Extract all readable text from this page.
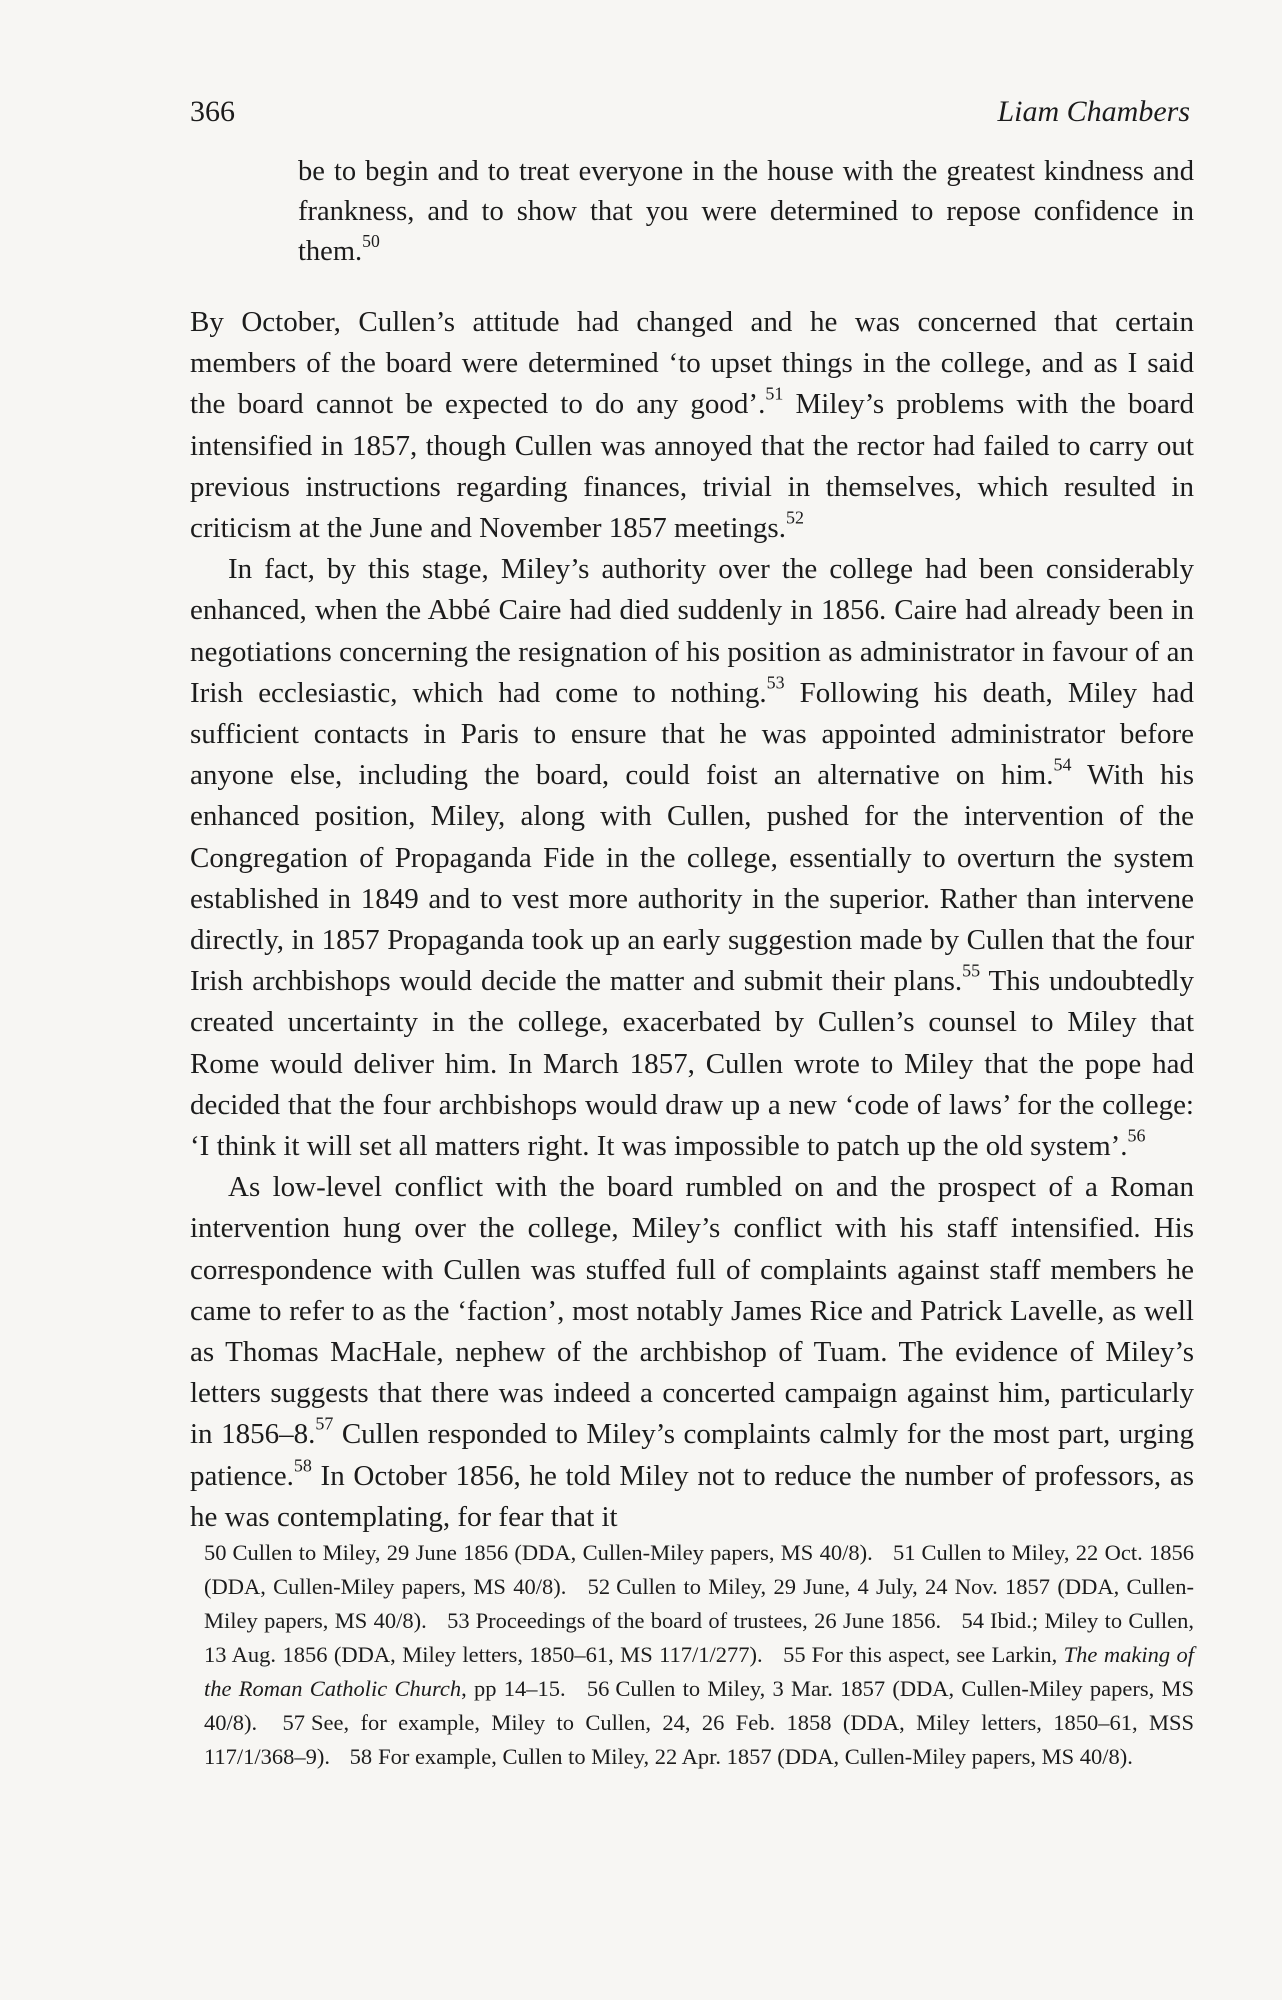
366	Liam Chambers
be to begin and to treat everyone in the house with the greatest kindness and frankness, and to show that you were determined to repose confidence in them.$^{50}$

By October, Cullen’s attitude had changed and he was concerned that certain members of the board were determined ‘to upset things in the college, and as I said the board cannot be expected to do any good’.$^{51}$ Miley’s problems with the board intensified in 1857, though Cullen was annoyed that the rector had failed to carry out previous instructions regarding finances, trivial in themselves, which resulted in criticism at the June and November 1857 meetings.$^{52}$

In fact, by this stage, Miley’s authority over the college had been considerably enhanced, when the Abbé Caire had died suddenly in 1856. Caire had already been in negotiations concerning the resignation of his position as administrator in favour of an Irish ecclesiastic, which had come to nothing.$^{53}$ Following his death, Miley had sufficient contacts in Paris to ensure that he was appointed administrator before anyone else, including the board, could foist an alternative on him.$^{54}$ With his enhanced position, Miley, along with Cullen, pushed for the intervention of the Congregation of Propaganda Fide in the college, essentially to overturn the system established in 1849 and to vest more authority in the superior. Rather than intervene directly, in 1857 Propaganda took up an early suggestion made by Cullen that the four Irish archbishops would decide the matter and submit their plans.$^{55}$ This undoubtedly created uncertainty in the college, exacerbated by Cullen’s counsel to Miley that Rome would deliver him. In March 1857, Cullen wrote to Miley that the pope had decided that the four archbishops would draw up a new ‘code of laws’ for the college: ‘I think it will set all matters right. It was impossible to patch up the old system’.$^{56}$

As low-level conflict with the board rumbled on and the prospect of a Roman intervention hung over the college, Miley’s conflict with his staff intensified. His correspondence with Cullen was stuffed full of complaints against staff members he came to refer to as the ‘faction’, most notably James Rice and Patrick Lavelle, as well as Thomas MacHale, nephew of the archbishop of Tuam. The evidence of Miley’s letters suggests that there was indeed a concerted campaign against him, particularly in 1856–8.57 Cullen responded to Miley’s complaints calmly for the most part, urging patience.$^{58}$ In October 1856, he told Miley not to reduce the number of professors, as he was contemplating, for fear that it

50 Cullen to Miley, 29 June 1856 (DDA, Cullen-Miley papers, MS 40/8). 51 Cullen to Miley, 22 Oct. 1856 (DDA, Cullen-Miley papers, MS 40/8). 52 Cullen to Miley, 29 June, 4 July, 24 Nov. 1857 (DDA, Cullen-Miley papers, MS 40/8). 53 Proceedings of the board of trustees, 26 June 1856. 54 Ibid.; Miley to Cullen, 13 Aug. 1856 (DDA, Miley letters, 1850–61, MS 117/1/277). 55 For this aspect, see Larkin, The making of the Roman Catholic Church, pp 14–15. 56 Cullen to Miley, 3 Mar. 1857 (DDA, Cullen-Miley papers, MS 40/8). 57 See, for example, Miley to Cullen, 24, 26 Feb. 1858 (DDA, Miley letters, 1850–61, MSS 117/1/368–9). 58 For example, Cullen to Miley, 22 Apr. 1857 (DDA, Cullen-Miley papers, MS 40/8).
